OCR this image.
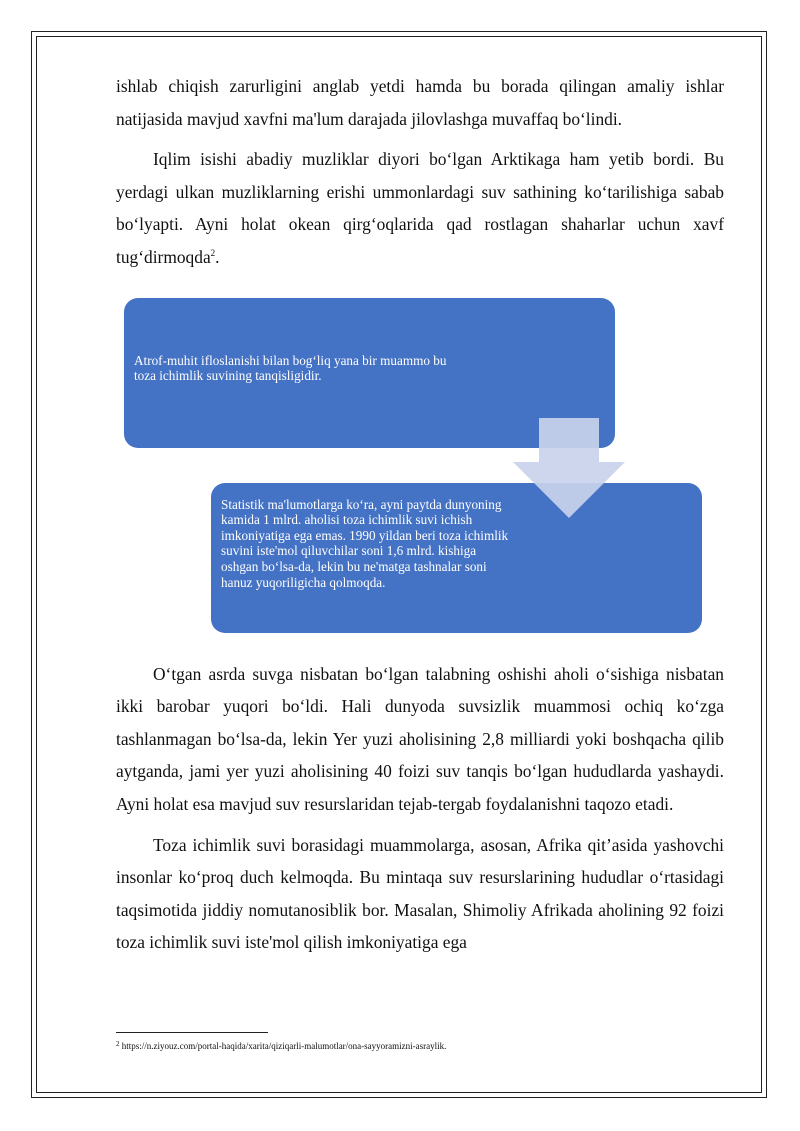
ishlab chiqish zarurligini anglab yetdi hamda bu borada qilingan amaliy ishlar natijasida mavjud xavfni ma'lum darajada jilovlashga muvaffaq bo‘lindi.

Iqlim isishi abadiy muzliklar diyori bo‘lgan Arktikaga ham yetib bordi. Bu yerdagi ulkan muzliklarning erishi ummonlardagi suv sathining ko‘tarilishiga sabab bo‘lyapti. Ayni holat okean qirg‘oqlarida qad rostlagan shaharlar uchun xavf tug‘dirmoqda$^2$.

Atrof-muhit ifloslanishi bilan bog‘liq yana bir muammo bu toza ichimlik suvining tanqisligidir.
Statistik ma'lumotlarga ko‘ra, ayni paytda dunyoning kamida 1 mlrd. aholisi toza ichimlik suvi ichish imkoniyatiga ega emas. 1990 yildan beri toza ichimlik suvini iste'mol qiluvchilar soni 1,6 mlrd. kishiga oshgan bo‘lsa-da, lekin bu ne'matga tashnalar soni hanuz yuqoriligicha qolmoqda.

O‘tgan asrda suvga nisbatan bo‘lgan talabning oshishi aholi o‘sishiga nisbatan ikki barobar yuqori bo‘ldi. Hali dunyoda suvsizlik muammosi ochiq ko‘zga tashlanmagan bo‘lsa-da, lekin Yer yuzi aholisining 2,8 milliardi yoki boshqacha qilib aytganda, jami yer yuzi aholisining 40 foizi suv tanqis bo‘lgan hududlarda yashaydi. Ayni holat esa mavjud suv resurslaridan tejab-tergab foydalanishni taqozo etadi.

Toza ichimlik suvi borasidagi muammolarga, asosan, Afrika qit’asida yashovchi insonlar ko‘proq duch kelmoqda. Bu mintaqa suv resurslarining hududlar o‘rtasidagi taqsimotida jiddiy nomutanosiblik bor. Masalan, Shimoliy Afrikada aholining 92 foizi toza ichimlik suvi iste'mol qilish imkoniyatiga ega

$^2$ https://n.ziyouz.com/portal-haqida/xarita/qiziqarli-malumotlar/ona-sayyoramizni-asraylik.
